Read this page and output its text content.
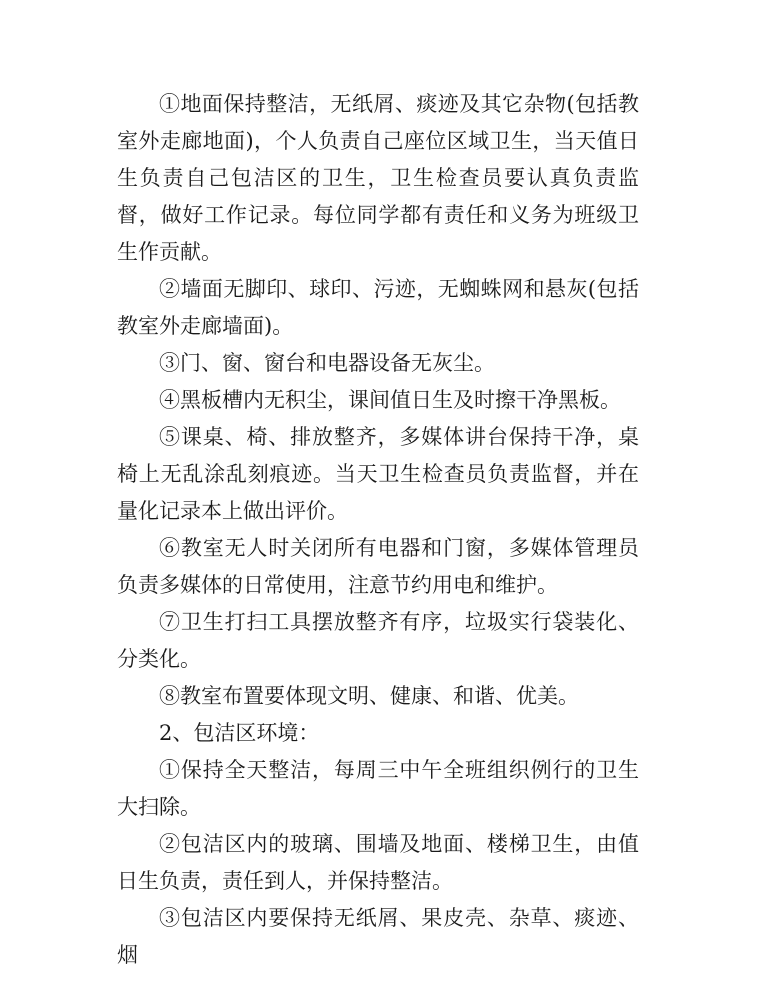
①地面保持整洁，无纸屑、痰迹及其它杂物(包括教室外走廊地面)，个人负责自己座位区域卫生，当天值日生负责自己包洁区的卫生，卫生检查员要认真负责监督，做好工作记录。每位同学都有责任和义务为班级卫生作贡献。

②墙面无脚印、球印、污迹，无蜘蛛网和悬灰(包括教室外走廊墙面)。

③门、窗、窗台和电器设备无灰尘。

④黑板槽内无积尘，课间值日生及时擦干净黑板。

⑤课桌、椅、排放整齐，多媒体讲台保持干净，桌椅上无乱涂乱刻痕迹。当天卫生检查员负责监督，并在量化记录本上做出评价。

⑥教室无人时关闭所有电器和门窗，多媒体管理员负责多媒体的日常使用，注意节约用电和维护。

⑦卫生打扫工具摆放整齐有序，垃圾实行袋装化、分类化。

⑧教室布置要体现文明、健康、和谐、优美。

2、包洁区环境：

①保持全天整洁，每周三中午全班组织例行的卫生大扫除。

②包洁区内的玻璃、围墙及地面、楼梯卫生，由值日生负责，责任到人，并保持整洁。

③包洁区内要保持无纸屑、果皮壳、杂草、痰迹、烟
